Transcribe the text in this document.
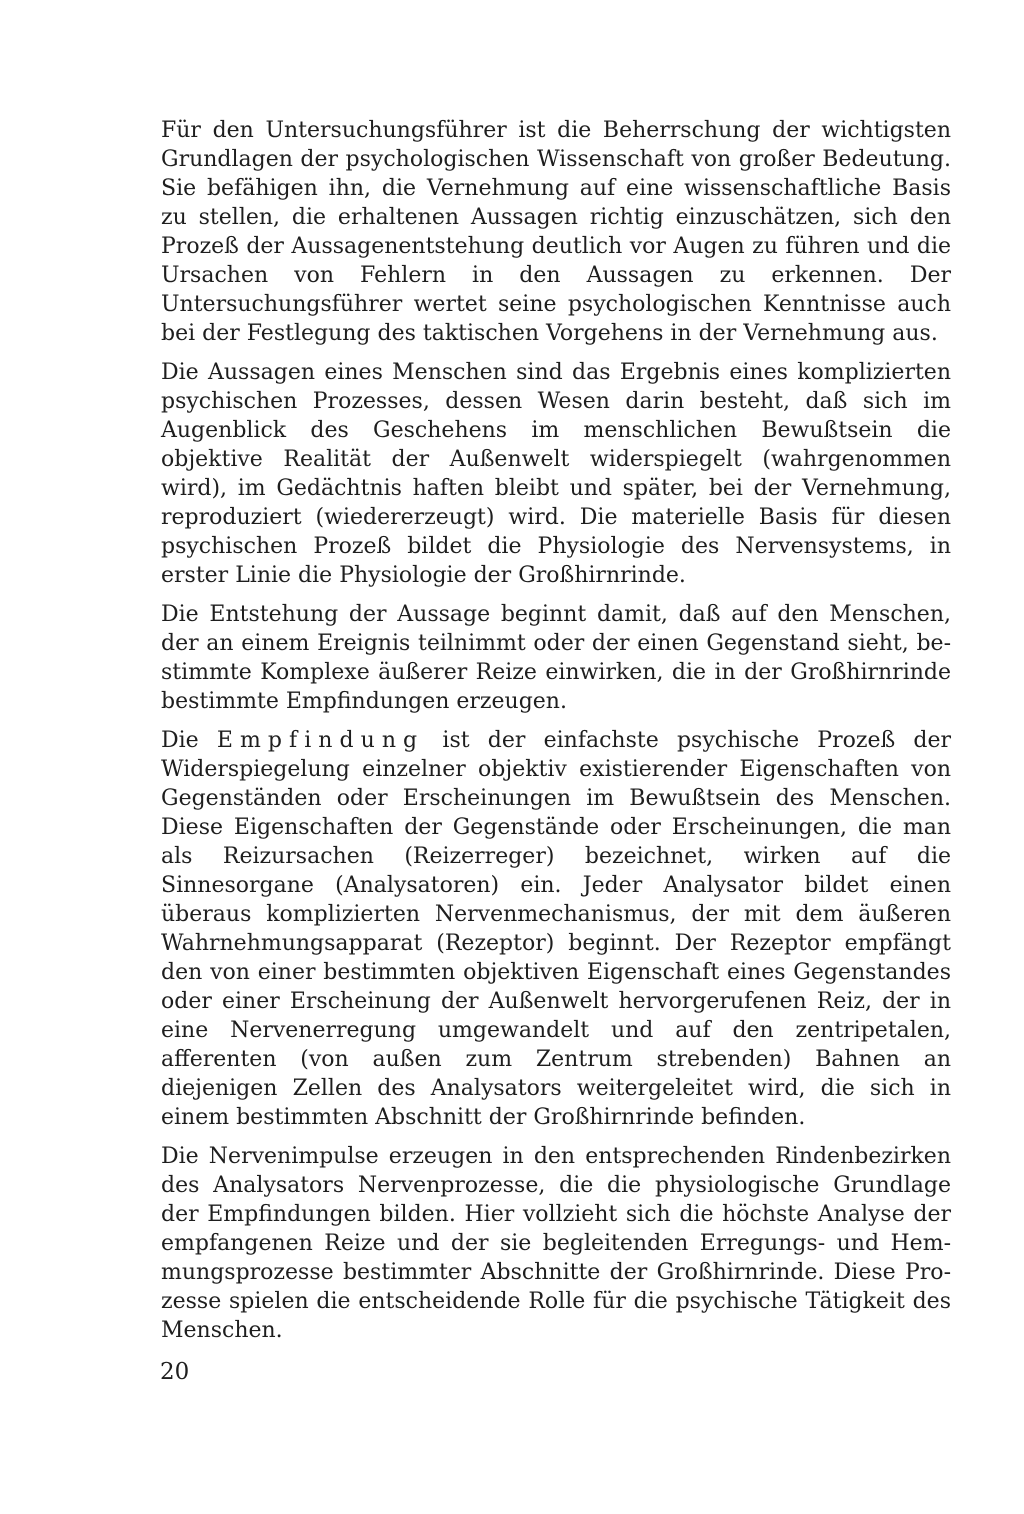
Für den Untersuchungsführer ist die Beherrschung der wichtigsten Grundlagen der psychologischen Wissenschaft von großer Bedeutung. Sie befähigen ihn, die Vernehmung auf eine wissenschaftliche Basis zu stellen, die erhaltenen Aussagen richtig einzuschätzen, sich den Prozeß der Aussagenentstehung deutlich vor Augen zu führen und die Ursachen von Fehlern in den Aussagen zu erkennen. Der Untersuchungsführer wertet seine psychologischen Kenntnisse auch bei der Festlegung des taktischen Vorgehens in der Vernehmung aus.

Die Aussagen eines Menschen sind das Ergebnis eines komplizierten psychischen Prozesses, dessen Wesen darin besteht, daß sich im Augenblick des Geschehens im menschlichen Bewußtsein die objektive Realität der Außenwelt widerspiegelt (wahrgenommen wird), im Gedächtnis haften bleibt und später, bei der Vernehmung, reproduziert (wiedererzeugt) wird. Die materielle Basis für diesen psychischen Prozeß bildet die Physiologie des Nervensystems, in erster Linie die Physiologie der Großhirnrinde.

Die Entstehung der Aussage beginnt damit, daß auf den Menschen, der an einem Ereignis teilnimmt oder der einen Gegenstand sieht, bestimmte Komplexe äußerer Reize einwirken, die in der Großhirnrinde bestimmte Empfindungen erzeugen.

Die Empfindung ist der einfachste psychische Prozeß der Widerspiegelung einzelner objektiv existierender Eigenschaften von Gegenständen oder Erscheinungen im Bewußtsein des Menschen. Diese Eigenschaften der Gegenstände oder Erscheinungen, die man als Reizursachen (Reizerreger) bezeichnet, wirken auf die Sinnesorgane (Analysatoren) ein. Jeder Analysator bildet einen überaus komplizierten Nervenmechanismus, der mit dem äußeren Wahrnehmungsapparat (Rezeptor) beginnt. Der Rezeptor empfängt den von einer bestimmten objektiven Eigenschaft eines Gegenstandes oder einer Erscheinung der Außenwelt hervorgerufenen Reiz, der in eine Nervenerregung umgewandelt und auf den zentripetalen, afferenten (von außen zum Zentrum strebenden) Bahnen an diejenigen Zellen des Analysators weitergeleitet wird, die sich in einem bestimmten Abschnitt der Großhirnrinde befinden.

Die Nervenimpulse erzeugen in den entsprechenden Rindenbezirken des Analysators Nervenprozesse, die die physiologische Grundlage der Empfindungen bilden. Hier vollzieht sich die höchste Analyse der empfangenen Reize und der sie begleitenden Erregungs- und Hemmungsprozesse bestimmter Abschnitte der Großhirnrinde. Diese Prozesse spielen die entscheidende Rolle für die psychische Tätigkeit des Menschen.

20
